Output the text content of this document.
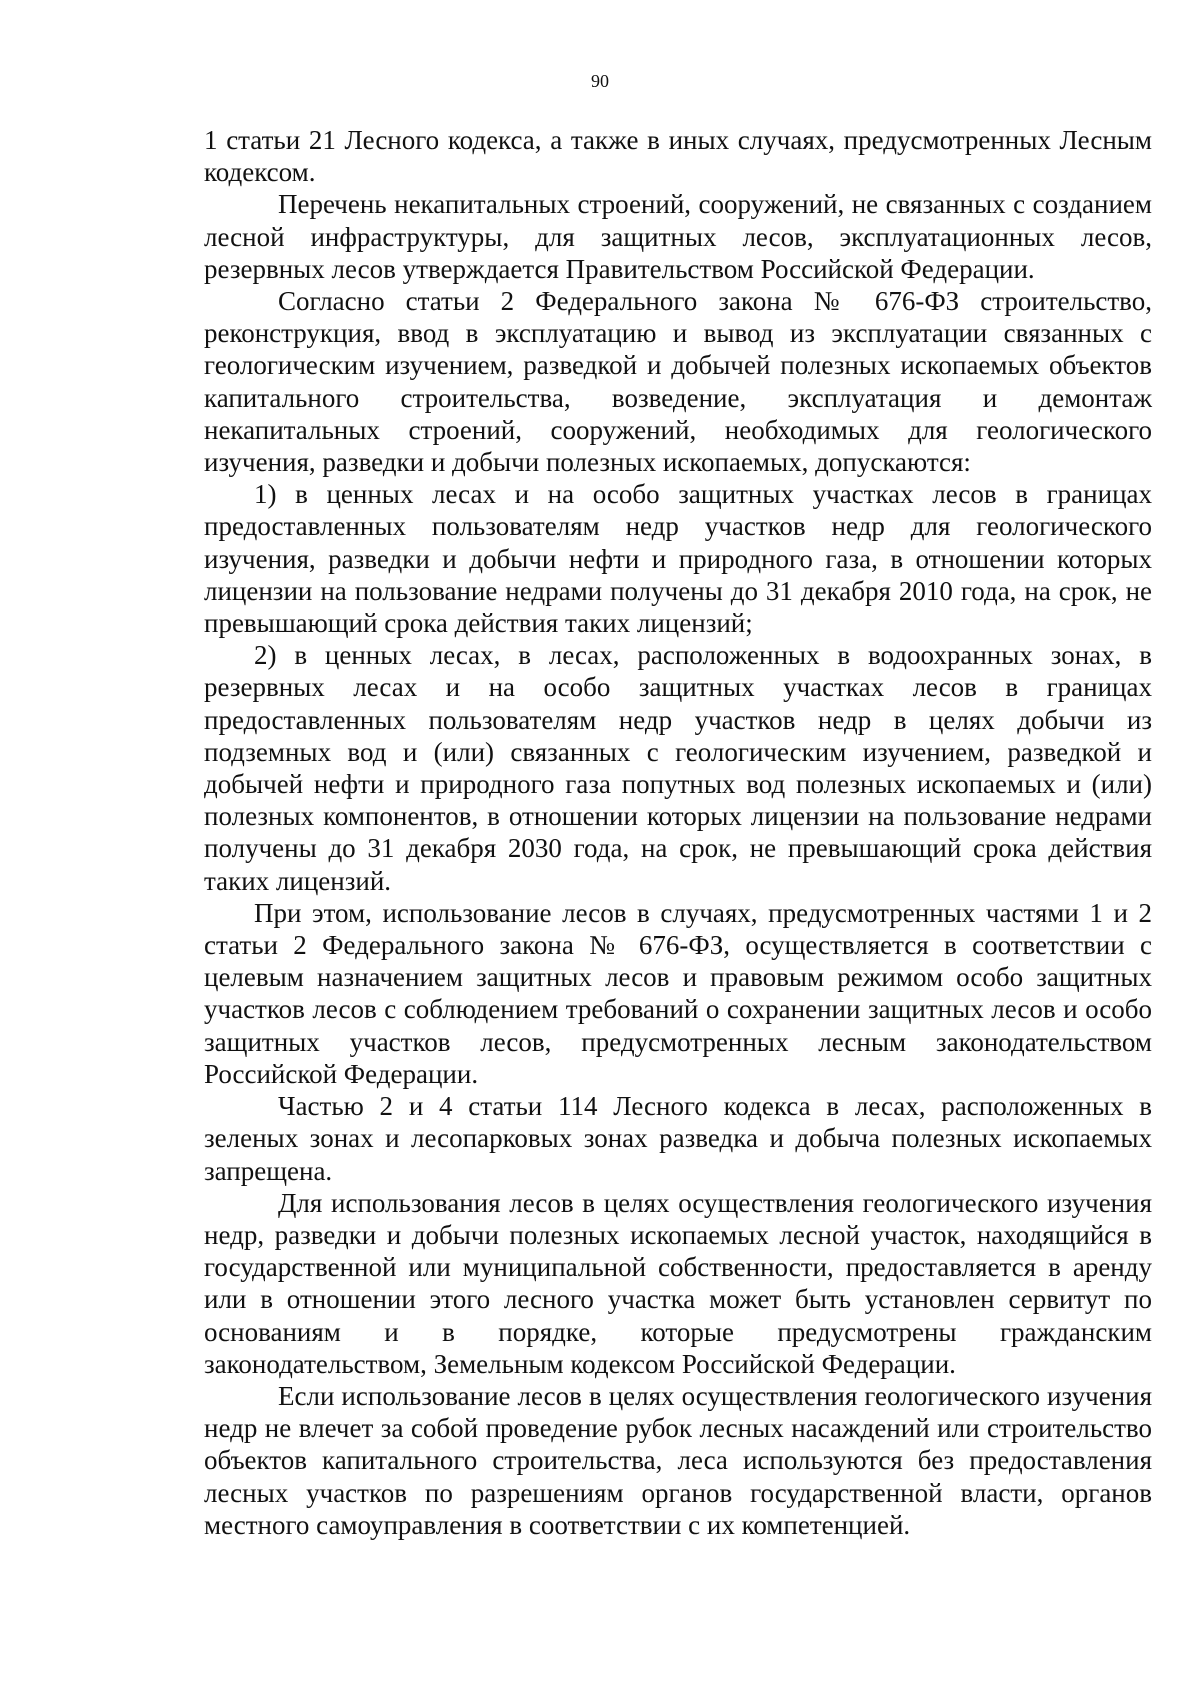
90

1 статьи 21 Лесного кодекса, а также в иных случаях, предусмотренных Лесным кодексом.

Перечень некапитальных строений, сооружений, не связанных с созданием лесной инфраструктуры, для защитных лесов, эксплуатационных лесов, резервных лесов утверждается Правительством Российской Федерации.

Согласно статьи 2 Федерального закона № 676-ФЗ строительство, реконструкция, ввод в эксплуатацию и вывод из эксплуатации связанных с геологическим изучением, разведкой и добычей полезных ископаемых объектов капитального строительства, возведение, эксплуатация и демонтаж некапитальных строений, сооружений, необходимых для геологического изучения, разведки и добычи полезных ископаемых, допускаются:

1) в ценных лесах и на особо защитных участках лесов в границах предоставленных пользователям недр участков недр для геологического изучения, разведки и добычи нефти и природного газа, в отношении которых лицензии на пользование недрами получены до 31 декабря 2010 года, на срок, не превышающий срока действия таких лицензий;

2) в ценных лесах, в лесах, расположенных в водоохранных зонах, в резервных лесах и на особо защитных участках лесов в границах предоставленных пользователям недр участков недр в целях добычи из подземных вод и (или) связанных с геологическим изучением, разведкой и добычей нефти и природного газа попутных вод полезных ископаемых и (или) полезных компонентов, в отношении которых лицензии на пользование недрами получены до 31 декабря 2030 года, на срок, не превышающий срока действия таких лицензий.

При этом, использование лесов в случаях, предусмотренных частями 1 и 2 статьи 2 Федерального закона № 676-ФЗ, осуществляется в соответствии с целевым назначением защитных лесов и правовым режимом особо защитных участков лесов с соблюдением требований о сохранении защитных лесов и особо защитных участков лесов, предусмотренных лесным законодательством Российской Федерации.

Частью 2 и 4 статьи 114 Лесного кодекса в лесах, расположенных в зеленых зонах и лесопарковых зонах разведка и добыча полезных ископаемых запрещена.

Для использования лесов в целях осуществления геологического изучения недр, разведки и добычи полезных ископаемых лесной участок, находящийся в государственной или муниципальной собственности, предоставляется в аренду или в отношении этого лесного участка может быть установлен сервитут по основаниям и в порядке, которые предусмотрены гражданским законодательством, Земельным кодексом Российской Федерации.

Если использование лесов в целях осуществления геологического изучения недр не влечет за собой проведение рубок лесных насаждений или строительство объектов капитального строительства, леса используются без предоставления лесных участков по разрешениям органов государственной власти, органов местного самоуправления в соответствии с их компетенцией.
